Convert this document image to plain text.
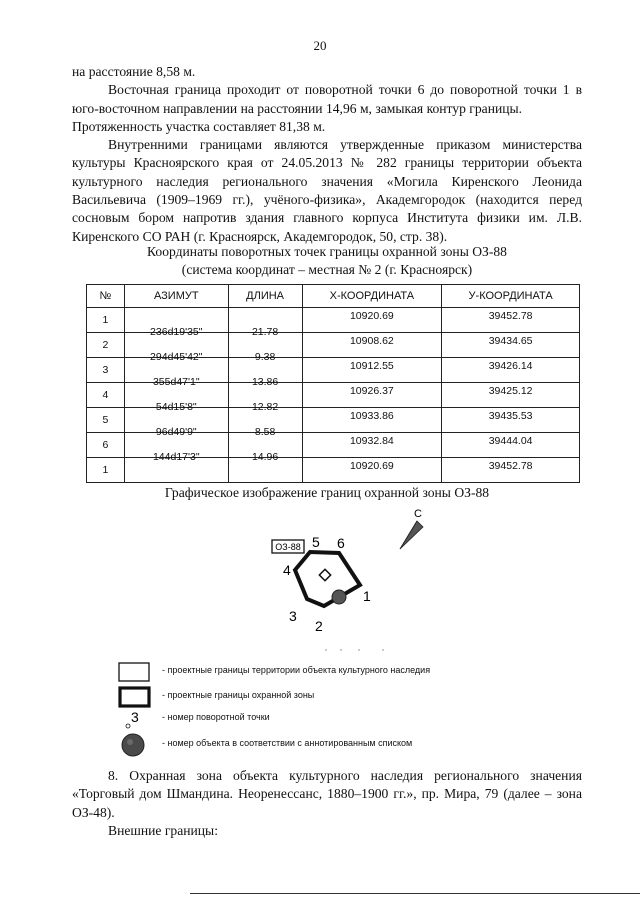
20

на расстояние 8,58 м.

Восточная граница проходит от поворотной точки 6 до поворотной точки 1 в юго-восточном направлении на расстоянии 14,96 м, замыкая контур границы.

Протяженность участка составляет 81,38 м.

Внутренними границами являются утвержденные приказом министерства культуры Красноярского края от 24.05.2013 № 282 границы территории объекта культурного наследия регионального значения «Могила Киренского Леонида Васильевича (1909–1969 гг.), учёного-физика», Академгородок (находится перед сосновым бором напротив здания главного корпуса Института физики им. Л.В. Киренского СО РАН (г. Красноярск, Академгородок, 50, стр. 38).

Координаты поворотных точек границы охранной зоны ОЗ-88
(система координат – местная № 2 (г. Красноярск)
№	АЗИМУТ	ДЛИНА	Х-КООРДИНАТА	У-КООРДИНАТА
1	236d19'35"	21.78	10920.69	39452.78
2	294d45'42"	9.38	10908.62	39434.65
3	355d47'1"	13.86	10912.55	39426.14
4	54d15'8"	12.82	10926.37	39425.12
5	96d49'9"	8.58	10933.86	39435.53
6	144d17'3"	14.96	10932.84	39444.04
1			10920.69	39452.78
Графическое изображение границ охранной зоны ОЗ-88
С
ОЗ-88
1
2
3
4
5 6
- проектные границы территории объекта культурного наследия
- проектные границы охранной зоны
3	- номер поворотной точки
- номер объекта в соответствии с аннотированным списком

8. Охранная зона объекта культурного наследия регионального значения «Торговый дом Шмандина. Неоренессанс, 1880–1900 гг.», пр. Мира, 79 (далее – зона ОЗ-48).

Внешние границы:
